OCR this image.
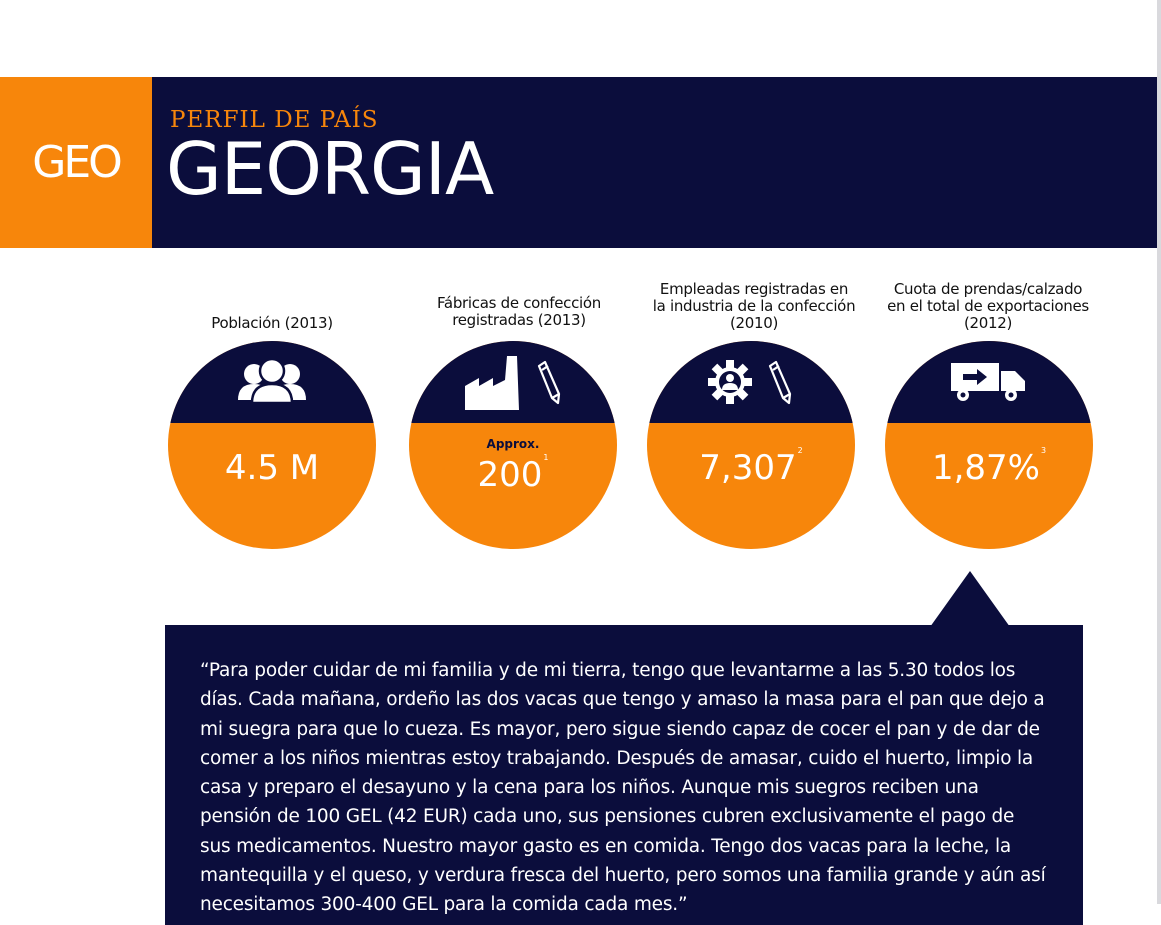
GEO
PERFIL DE PAÍS
GEORGIA
Población (2013)
4.5 M
Fábricas de confección registradas (2013)
Approx.
$200^1$
Empleadas registradas en la industria de la confección (2010)
7,307$^2$
Cuota de prendas/calzado en el total de exportaciones (2012)
1,87%$^3$

“Para poder cuidar de mi familia y de mi tierra, tengo que levantarme a las 5.30 todos los días. Cada mañana, ordeño las dos vacas que tengo y amaso la masa para el pan que dejo a mi suegra para que lo cueza. Es mayor, pero sigue siendo capaz de cocer el pan y de dar de comer a los niños mientras estoy trabajando. Después de amasar, cuido el huerto, limpio la casa y preparo el desayuno y la cena para los niños. Aunque mis suegros reciben una pensión de 100 GEL (42 EUR) cada uno, sus pensiones cubren exclusivamente el pago de sus medicamentos. Nuestro mayor gasto es en comida. Tengo dos vacas para la leche, la mantequilla y el queso, y verdura fresca del huerto, pero somos una familia grande y aún así necesitamos 300-400 GEL para la comida cada mes.”
